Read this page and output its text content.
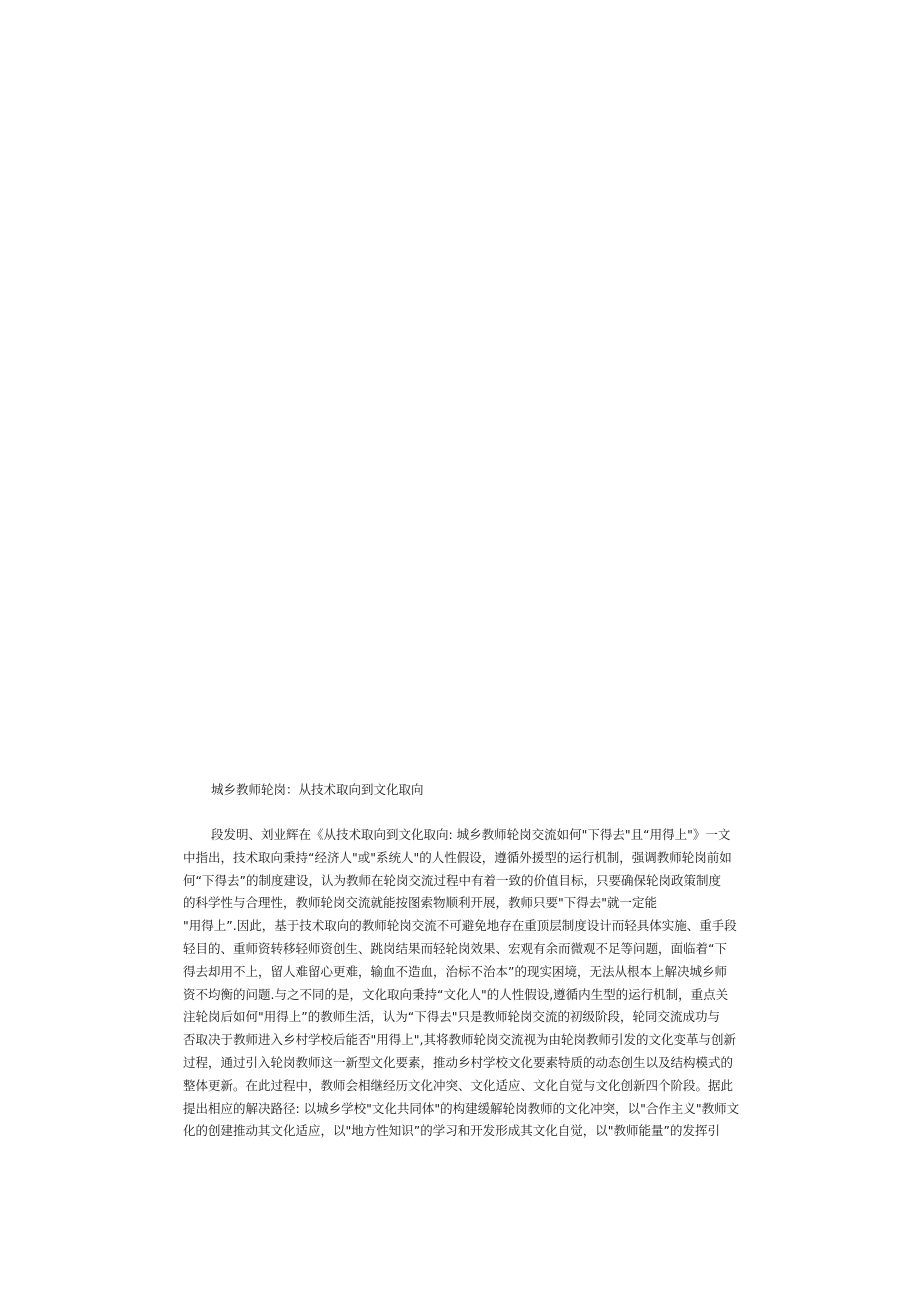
城乡教师轮岗：从技术取向到文化取向
段发明、刘业辉在《从技术取向到文化取向: 城乡教师轮岗交流如何"下得去"且“用得上"》一文
中指出，技术取向秉持“经济人"或"系统人"的人性假设，遵循外援型的运行机制，强调教师轮岗前如
何“下得去”的制度建设，认为教师在轮岗交流过程中有着一致的价值目标，只要确保轮岗政策制度
的科学性与合理性，教师轮岗交流就能按图索物顺利开展，教师只要"下得去"就一定能
"用得上”.因此，基于技术取向的教师轮岗交流不可避免地存在重顶层制度设计而轻具体实施、重手段
轻目的、重师资转移轻师资创生、跳岗结果而轻轮岗效果、宏观有余而微观不足等问题，面临着“下
得去却用不上，留人难留心更难，输血不造血，治标不治本”的现实困境，无法从根本上解决城乡师
资不均衡的问题.与之不同的是，文化取向秉持“文化人"的人性假设,遵循内生型的运行机制，重点关
注轮岗后如何"用得上”的教师生活，认为“下得去"只是教师轮岗交流的初级阶段，轮同交流成功与
否取决于教师进入乡村学校后能否"用得上",其将教师轮岗交流视为由轮岗教师引发的文化变革与创新
过程，通过引入轮岗教师这一新型文化要素，推动乡村学校文化要素特质的动态创生以及结构模式的
整体更新。在此过程中，教师会相继经历文化冲突、文化适应、文化自觉与文化创新四个阶段。据此
提出相应的解决路径: 以城乡学校"文化共同体"的构建缓解轮岗教师的文化冲突，以"合作主义"教师文
化的创建推动其文化适应，以"地方性知识”的学习和开发形成其文化自觉，以"教师能量”的发挥引
